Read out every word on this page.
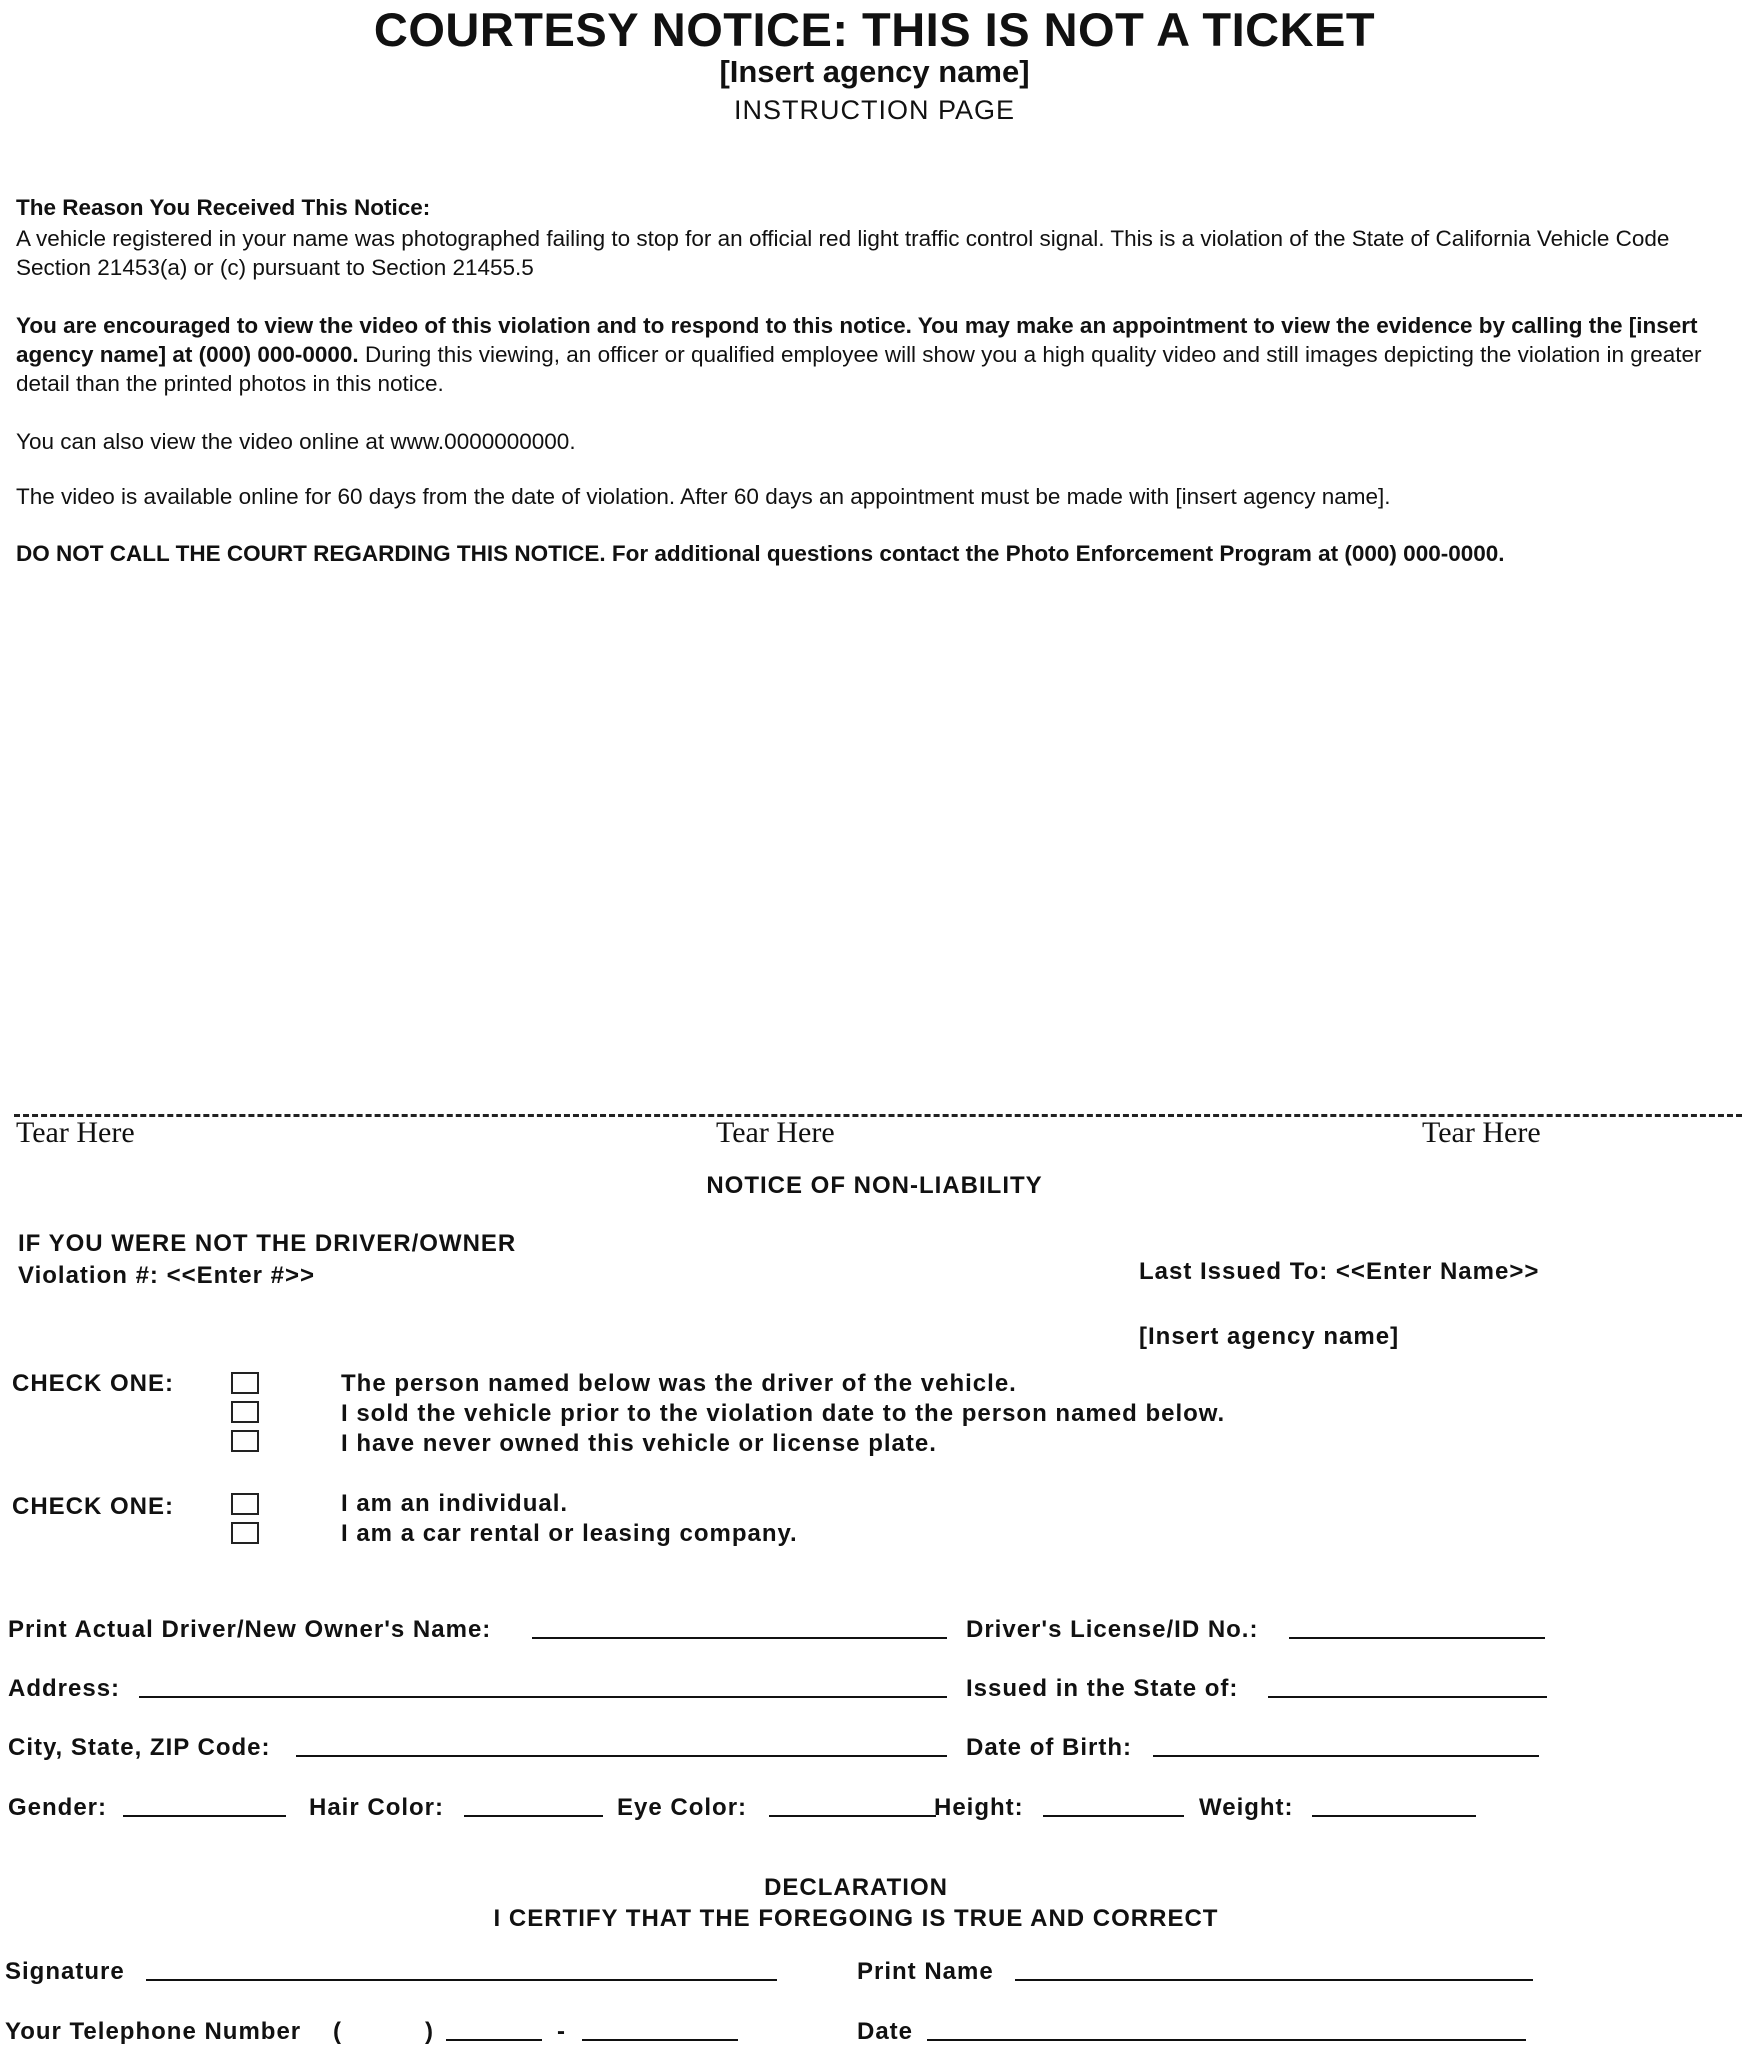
COURTESY NOTICE: THIS IS NOT A TICKET
[Insert agency name]
INSTRUCTION PAGE
The Reason You Received This Notice:
A vehicle registered in your name was photographed failing to stop for an official red light traffic control signal. This is a violation of the State of California Vehicle Code Section 21453(a) or (c) pursuant to Section 21455.5
You are encouraged to view the video of this violation and to respond to this notice. You may make an appointment to view the evidence by calling the [insert agency name] at (000) 000-0000. During this viewing, an officer or qualified employee will show you a high quality video and still images depicting the violation in greater detail than the printed photos in this notice.
You can also view the video online at www.0000000000.
The video is available online for 60 days from the date of violation. After 60 days an appointment must be made with [insert agency name].
DO NOT CALL THE COURT REGARDING THIS NOTICE. For additional questions contact the Photo Enforcement Program at (000) 000-0000.
Tear Here	Tear Here	Tear Here
NOTICE OF NON-LIABILITY
IF YOU WERE NOT THE DRIVER/OWNER
Violation #: <<Enter #>>	Last Issued To: <<Enter Name>>
[Insert agency name]
CHECK ONE:	The person named below was the driver of the vehicle.
I sold the vehicle prior to the violation date to the person named below.
I have never owned this vehicle or license plate.
CHECK ONE:	I am an individual.
I am a car rental or leasing company.
Print Actual Driver/New Owner's Name:	Driver's License/ID No.:
Address:	Issued in the State of:
City, State, ZIP Code:	Date of Birth:
Gender:	Hair Color:	Eye Color:	Height:	Weight:
DECLARATION
I CERTIFY THAT THE FOREGOING IS TRUE AND CORRECT
Signature	Print Name
Your Telephone Number (	)	-	Date
